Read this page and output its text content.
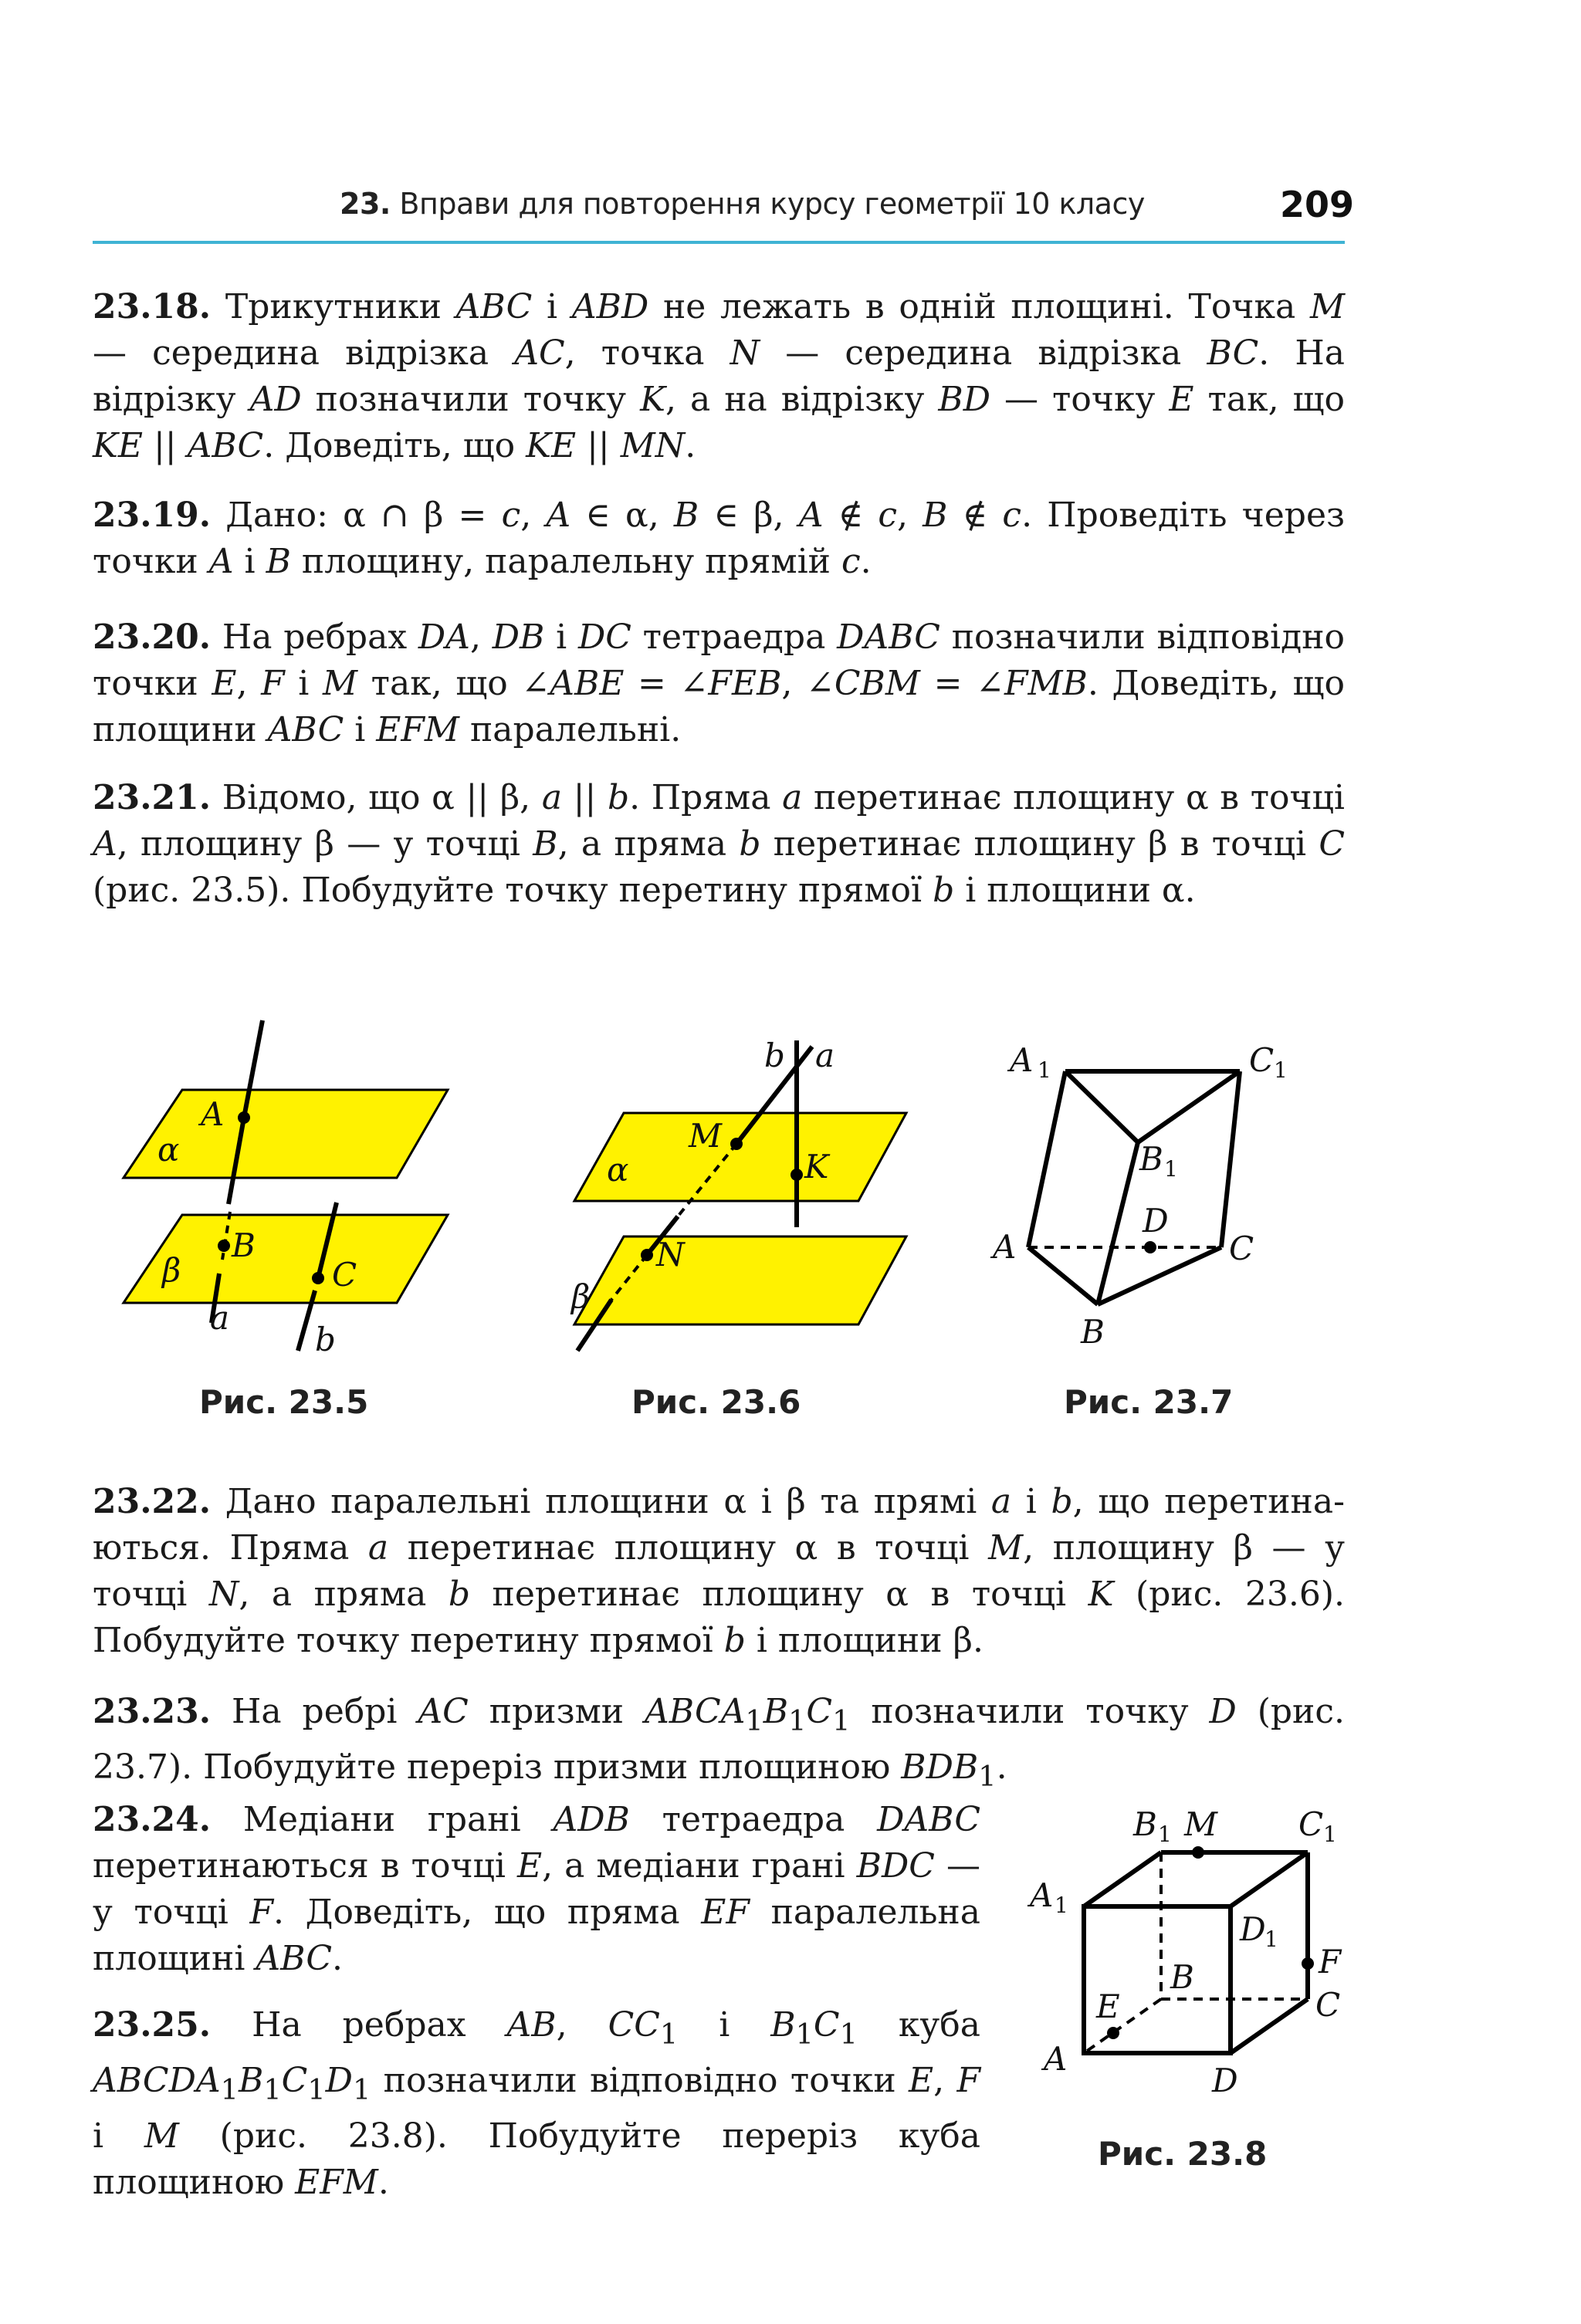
23. Вправи для повторення курсу геометрії 10 класу	209

23.18. Трикутники ABC і ABD не лежать в одній площині. Точка M — середина відрізка AC, точка N — середина відрізка BC. На відрізку AD позначили точку K, а на відрізку BD — точку E так, що KE || ABC. Доведіть, що KE || MN.

23.19. Дано: α ∩ β = c, A ∈ α, B ∈ β, A ∉ c, B ∉ c. Проведіть через точки A і B площину, паралельну прямій c.

23.20. На ребрах DA, DB і DC тетраедра DABC позначили відповідно точки E, F і M так, що ∠ABE = ∠FEB, ∠CBM = ∠FMB. Доведіть, що площини ABC і EFM паралельні.

23.21. Відомо, що α || β, a || b. Пряма a перетинає площину α в точці A, площину β — у точці B, а пряма b перетинає площину β в точці C (рис. 23.5). Побудуйте точку перетину прямої b і площини α.

A
α
B
C
β
a
b
Рис. 23.5
b a
M
K
α
N
β
Рис. 23.6
A 1	C 1
B 1
D
A	C
B
Рис. 23.7

23.22. Дано паралельні площини α і β та прямі a і b, що перетинаються. Пряма a перетинає площину α в точці M, площину β — у точці N, а пряма b перетинає площину α в точці K (рис. 23.6). Побудуйте точку перетину прямої b і площини β.

23.23. На ребрі AC призми $ABCA_1B_1C_1$ позначили точку D (рис. 23.7). Побудуйте переріз призми площиною $BDB_1$.

23.24. Медіани грані ADB тетраедра DABC перетинаються в точці E, а медіани грані BDC — у точці F. Доведіть, що пряма EF паралельна площині ABC.

23.25. На ребрах AB, $CC_1$ і $B_1C_1$ куба $ABCDA_1B_1C_1D_1$ позначили відповідно точки E, F і M (рис. 23.8). Побудуйте переріз куба площиною EFM.

B 1 M C 1
A 1
D
1
F
B
E	C
A
D
Рис. 23.8
